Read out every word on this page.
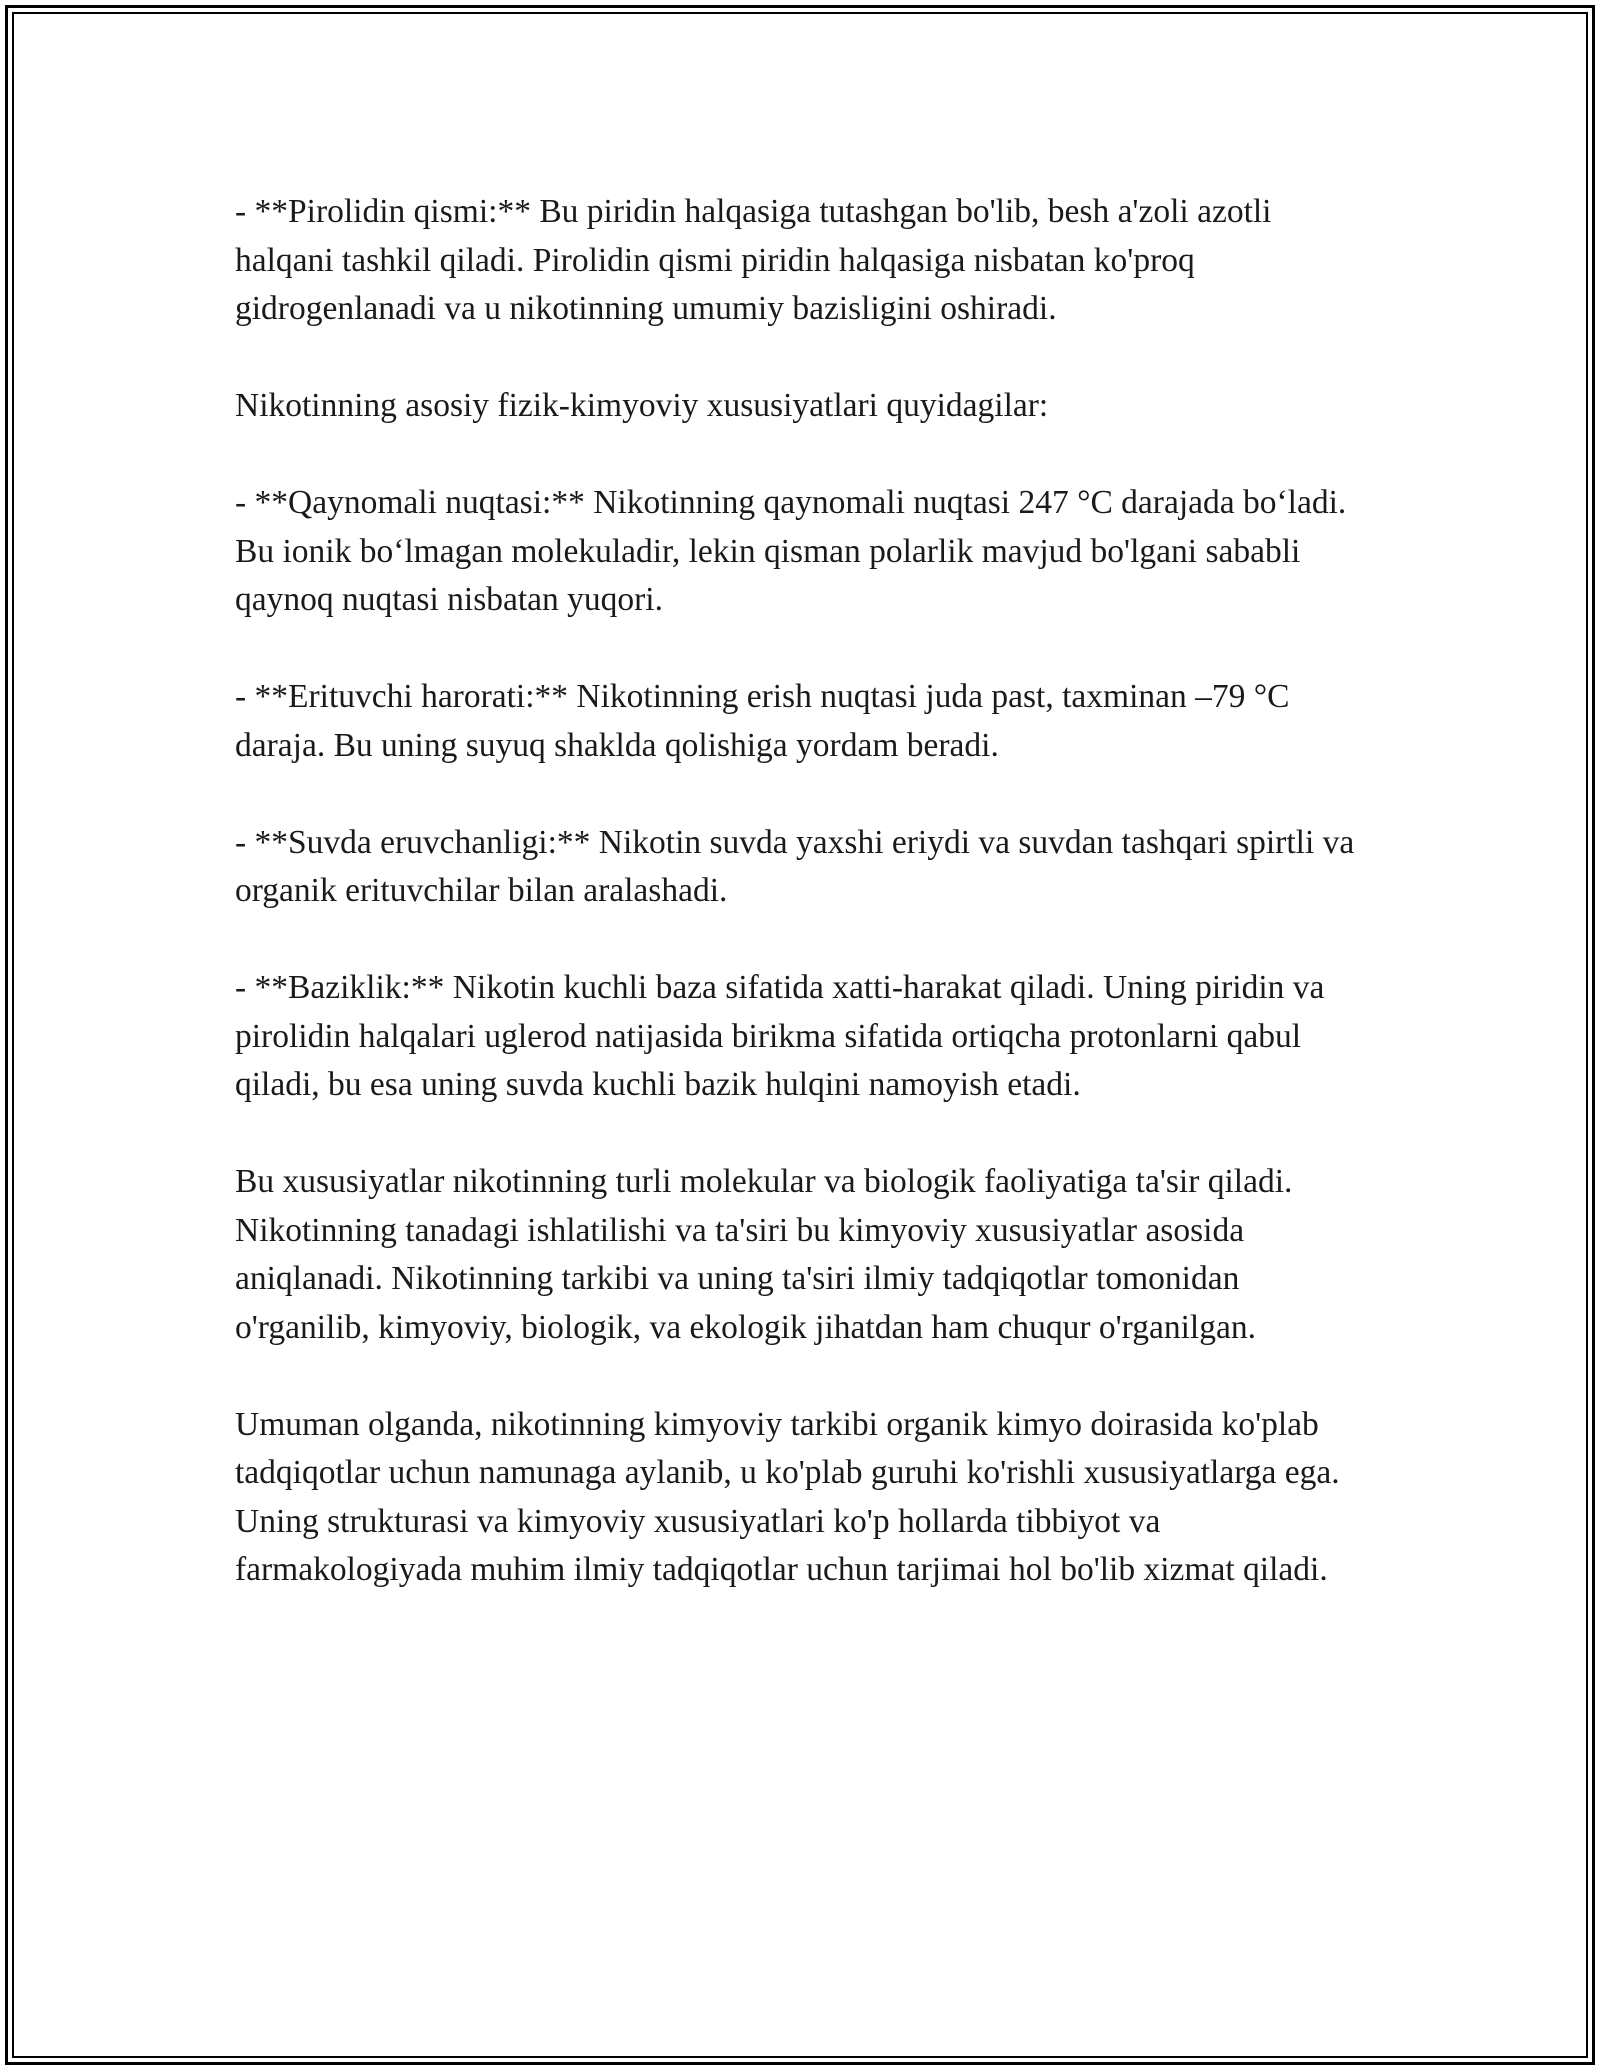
- **Pirolidin qismi:** Bu piridin halqasiga tutashgan bo'lib, besh a'zoli azotli halqani tashkil qiladi. Pirolidin qismi piridin halqasiga nisbatan ko'proq gidrogenlanadi va u nikotinning umumiy bazisligini oshiradi.

Nikotinning asosiy fizik-kimyoviy xususiyatlari quyidagilar:

- **Qaynomali nuqtasi:** Nikotinning qaynomali nuqtasi 247 °C darajada bo‘ladi. Bu ionik bo‘lmagan molekuladir, lekin qisman polarlik mavjud bo'lgani sababli qaynoq nuqtasi nisbatan yuqori.

- **Erituvchi harorati:** Nikotinning erish nuqtasi juda past, taxminan –79 °C daraja. Bu uning suyuq shaklda qolishiga yordam beradi.

- **Suvda eruvchanligi:** Nikotin suvda yaxshi eriydi va suvdan tashqari spirtli va organik erituvchilar bilan aralashadi.

- **Baziklik:** Nikotin kuchli baza sifatida xatti-harakat qiladi. Uning piridin va pirolidin halqalari uglerod natijasida birikma sifatida ortiqcha protonlarni qabul qiladi, bu esa uning suvda kuchli bazik hulqini namoyish etadi.

Bu xususiyatlar nikotinning turli molekular va biologik faoliyatiga ta'sir qiladi. Nikotinning tanadagi ishlatilishi va ta'siri bu kimyoviy xususiyatlar asosida aniqlanadi. Nikotinning tarkibi va uning ta'siri ilmiy tadqiqotlar tomonidan o'rganilib, kimyoviy, biologik, va ekologik jihatdan ham chuqur o'rganilgan.

Umuman olganda, nikotinning kimyoviy tarkibi organik kimyo doirasida ko'plab tadqiqotlar uchun namunaga aylanib, u ko'plab guruhi ko'rishli xususiyatlarga ega. Uning strukturasi va kimyoviy xususiyatlari ko'p hollarda tibbiyot va farmakologiyada muhim ilmiy tadqiqotlar uchun tarjimai hol bo'lib xizmat qiladi.
